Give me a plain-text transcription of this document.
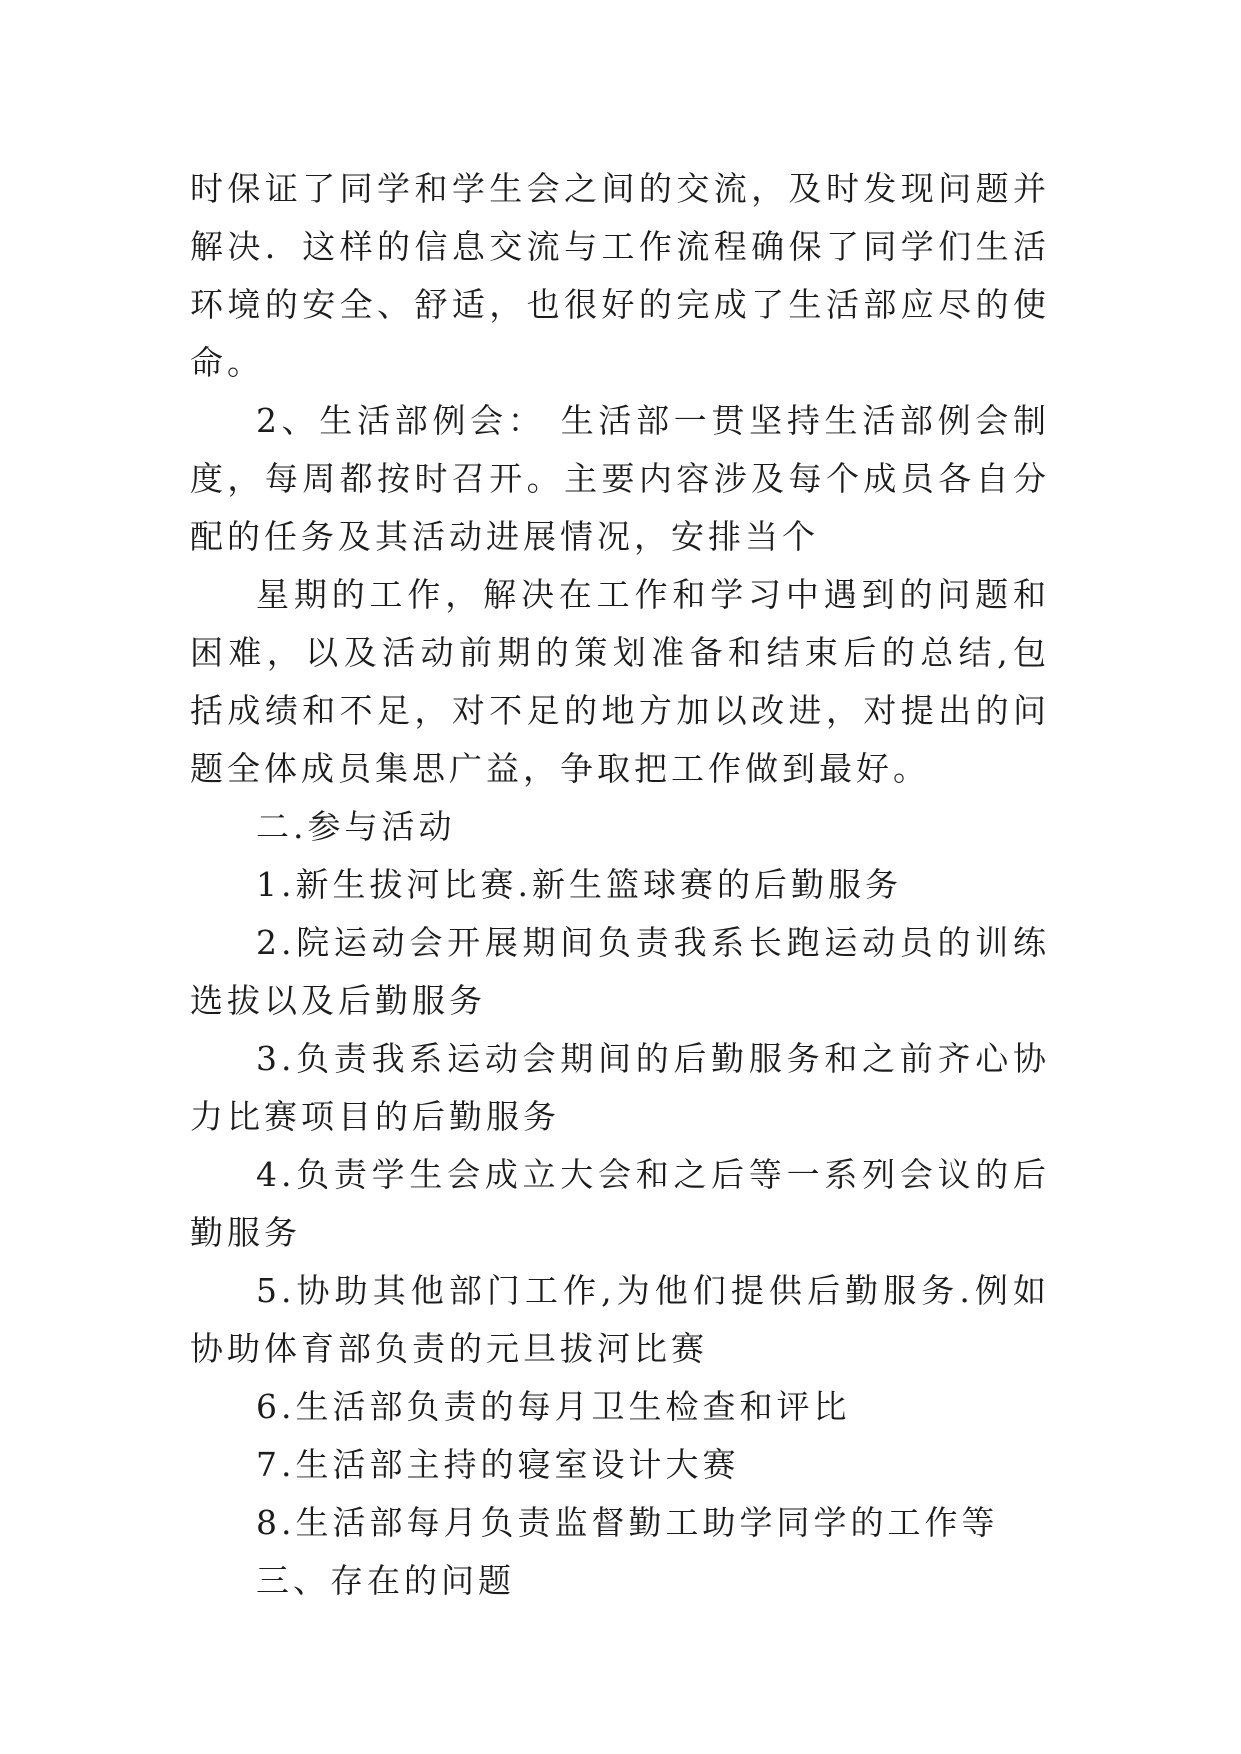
时保证了同学和学生会之间的交流，及时发现问题并解决．这样的信息交流与工作流程确保了同学们生活环境的安全、舒适，也很好的完成了生活部应尽的使命。

2、生活部例会： 生活部一贯坚持生活部例会制度，每周都按时召开。主要内容涉及每个成员各自分配的任务及其活动进展情况，安排当个

星期的工作，解决在工作和学习中遇到的问题和困难，以及活动前期的策划准备和结束后的总结,包括成绩和不足，对不足的地方加以改进，对提出的问题全体成员集思广益，争取把工作做到最好。

二.参与活动

1.新生拔河比赛.新生篮球赛的后勤服务

2.院运动会开展期间负责我系长跑运动员的训练选拔以及后勤服务

3.负责我系运动会期间的后勤服务和之前齐心协力比赛项目的后勤服务

4.负责学生会成立大会和之后等一系列会议的后勤服务

5.协助其他部门工作,为他们提供后勤服务.例如协助体育部负责的元旦拔河比赛

6.生活部负责的每月卫生检查和评比

7.生活部主持的寝室设计大赛

8.生活部每月负责监督勤工助学同学的工作等

三、存在的问题
